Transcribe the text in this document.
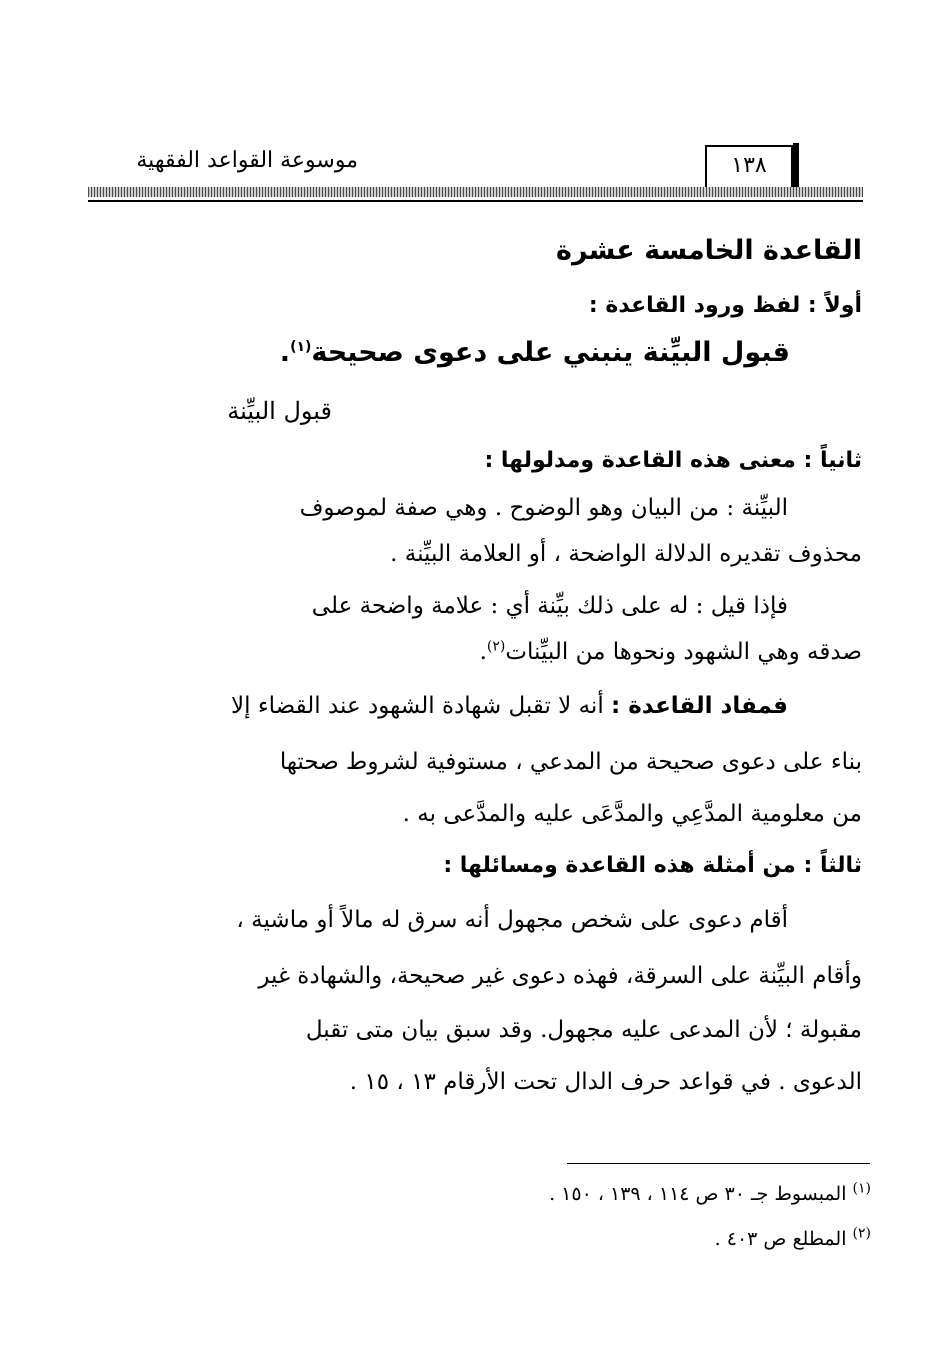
موسوعة القواعد الفقهية	١٣٨
القاعدة الخامسة عشرة
أولاً : لفظ ورود القاعدة :
قبول البيِّنة ينبني على دعوى صحيحة$^{(١)}$.
قبول البيِّنة
ثانياً : معنى هذه القاعدة ومدلولها :
البيِّنة : من البيان وهو الوضوح . وهي صفة لموصوف
محذوف تقديره الدلالة الواضحة ، أو العلامة البيِّنة .
فإذا قيل : له على ذلك بيِّنة أي : علامة واضحة على
صدقه وهي الشهود ونحوها من البيِّنات$^{(٢)}$.
فمفاد القاعدة : أنه لا تقبل شهادة الشهود عند القضاء إلا
بناء على دعوى صحيحة من المدعي ، مستوفية لشروط صحتها
من معلومية المدَّعِي والمدَّعَى عليه والمدَّعى به .
ثالثاً : من أمثلة هذه القاعدة ومسائلها :
أقام دعوى على شخص مجهول أنه سرق له مالاً أو ماشية ،
وأقام البيِّنة على السرقة، فهذه دعوى غير صحيحة، والشهادة غير
مقبولة ؛ لأن المدعى عليه مجهول. وقد سبق بيان متى تقبل
الدعوى . في قواعد حرف الدال تحت الأرقام ١٣ ، ١٥ .
$^{(١)}$ المبسوط جـ ٣٠ ص ١١٤ ، ١٣٩ ، ١٥٠ .
$^{(٢)}$ المطلع ص ٤٠٣ .
